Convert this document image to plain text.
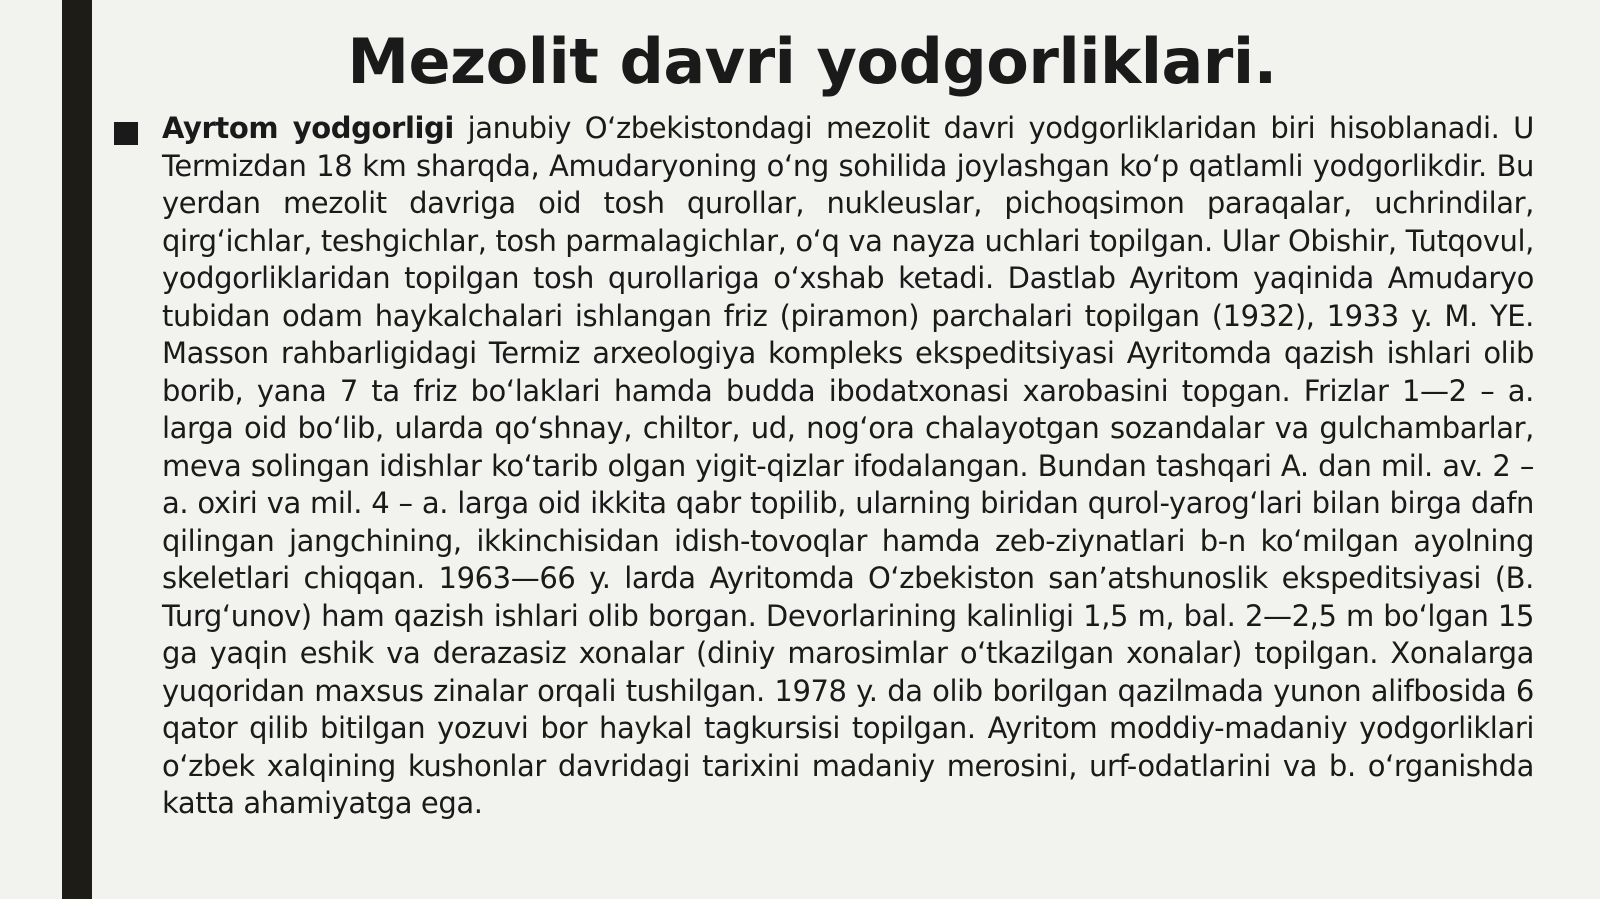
Mezolit davri yodgorliklari.

Ayrtom yodgorligi janubiy O‘zbekistondagi mezolit davri yodgorliklaridan biri hisoblanadi. U Termizdan 18 km sharqda, Amudaryoning o‘ng sohilida joylashgan ko‘p qatlamli yodgorlikdir. Bu yerdan mezolit davriga oid tosh qurollar, nukleuslar, pichoqsimon paraqalar, uchrindilar, qirg‘ichlar, teshgichlar, tosh parmalagichlar, o‘q va nayza uchlari topilgan. Ular Obishir, Tutqovul, yodgorliklaridan topilgan tosh qurollariga o‘xshab ketadi. Dastlab Ayritom yaqinida Amudaryo tubidan odam haykalchalari ishlangan friz (piramon) parchalari topilgan (1932), 1933 y. M. YE. Masson rahbarligidagi Termiz arxeologiya kompleks ekspeditsiyasi Ayritomda qazish ishlari olib borib, yana 7 ta friz bo‘laklari hamda budda ibodatxonasi xarobasini topgan. Frizlar 1—2 – a. larga oid bo‘lib, ularda qo‘shnay, chiltor, ud, nog‘ora chalayotgan sozandalar va gulchambarlar, meva solingan idishlar ko‘tarib olgan yigit-qizlar ifodalangan. Bundan tashqari A. dan mil. av. 2 – a. oxiri va mil. 4 – a. larga oid ikkita qabr topilib, ularning biridan qurol-yarog‘lari bilan birga dafn qilingan jangchining, ikkinchisidan idish-tovoqlar hamda zeb-ziynatlari b-n ko‘milgan ayolning skeletlari chiqqan. 1963—66 y. larda Ayritomda O‘zbekiston san’atshunoslik ekspeditsiyasi (B. Turg‘unov) ham qazish ishlari olib borgan. Devorlarining kalinligi 1,5 m, bal. 2—2,5 m bo‘lgan 15 ga yaqin eshik va derazasiz xonalar (diniy marosimlar o‘tkazilgan xonalar) topilgan. Xonalarga yuqoridan maxsus zinalar orqali tushilgan. 1978 y. da olib borilgan qazilmada yunon alifbosida 6 qator qilib bitilgan yozuvi bor haykal tagkursisi topilgan. Ayritom moddiy-madaniy yodgorliklari o‘zbek xalqining kushonlar davridagi tarixini madaniy merosini, urf-odatlarini va b. o‘rganishda katta ahamiyatga ega.
